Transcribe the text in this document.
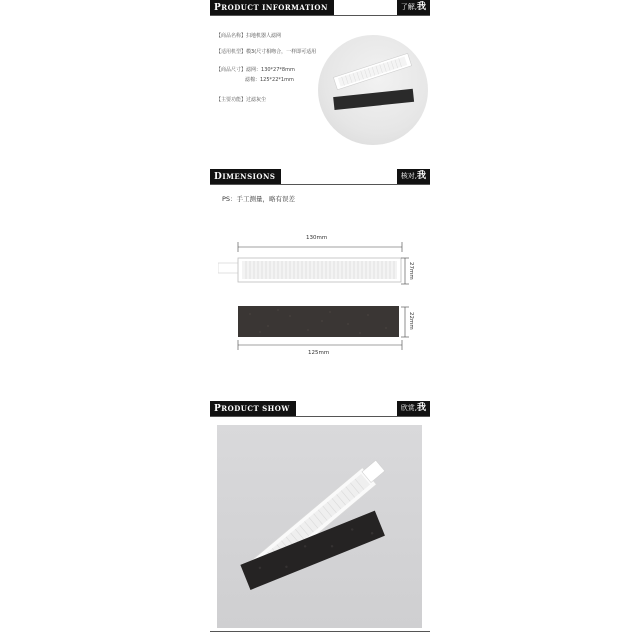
PRODUCT INFORMATION	了解,我
【商品名称】扫地机器人滤网
【适用机型】模3(尺寸相吻合，一样即可适用
【商品尺寸】滤网：130*27*8mm
滤棉：125*22*1mm
【主要功能】过滤灰尘
DIMENSIONS	核对,我
PS：手工测量，略有误差
130mm
27mm
22mm
125mm
PRODUCT SHOW	欣赏,我
